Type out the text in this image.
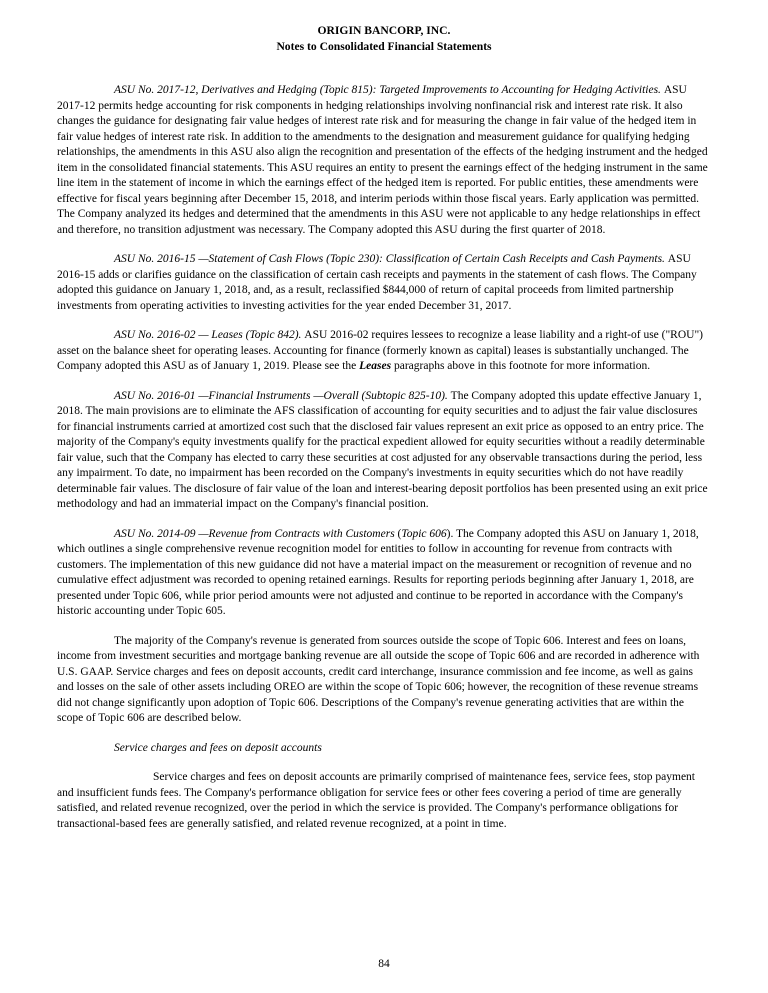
ORIGIN BANCORP, INC.
Notes to Consolidated Financial Statements

ASU No. 2017-12, Derivatives and Hedging (Topic 815): Targeted Improvements to Accounting for Hedging Activities. ASU 2017-12 permits hedge accounting for risk components in hedging relationships involving nonfinancial risk and interest rate risk. It also changes the guidance for designating fair value hedges of interest rate risk and for measuring the change in fair value of the hedged item in fair value hedges of interest rate risk. In addition to the amendments to the designation and measurement guidance for qualifying hedging relationships, the amendments in this ASU also align the recognition and presentation of the effects of the hedging instrument and the hedged item in the consolidated financial statements. This ASU requires an entity to present the earnings effect of the hedging instrument in the same line item in the statement of income in which the earnings effect of the hedged item is reported. For public entities, these amendments were effective for fiscal years beginning after December 15, 2018, and interim periods within those fiscal years. Early application was permitted. The Company analyzed its hedges and determined that the amendments in this ASU were not applicable to any hedge relationships in effect and therefore, no transition adjustment was necessary. The Company adopted this ASU during the first quarter of 2018.

ASU No. 2016-15 —Statement of Cash Flows (Topic 230): Classification of Certain Cash Receipts and Cash Payments. ASU 2016-15 adds or clarifies guidance on the classification of certain cash receipts and payments in the statement of cash flows. The Company adopted this guidance on January 1, 2018, and, as a result, reclassified $844,000 of return of capital proceeds from limited partnership investments from operating activities to investing activities for the year ended December 31, 2017.

ASU No. 2016-02 — Leases (Topic 842). ASU 2016-02 requires lessees to recognize a lease liability and a right-of use ("ROU") asset on the balance sheet for operating leases. Accounting for finance (formerly known as capital) leases is substantially unchanged. The Company adopted this ASU as of January 1, 2019. Please see the Leases paragraphs above in this footnote for more information.

ASU No. 2016-01 —Financial Instruments —Overall (Subtopic 825-10). The Company adopted this update effective January 1, 2018. The main provisions are to eliminate the AFS classification of accounting for equity securities and to adjust the fair value disclosures for financial instruments carried at amortized cost such that the disclosed fair values represent an exit price as opposed to an entry price. The majority of the Company's equity investments qualify for the practical expedient allowed for equity securities without a readily determinable fair value, such that the Company has elected to carry these securities at cost adjusted for any observable transactions during the period, less any impairment. To date, no impairment has been recorded on the Company's investments in equity securities which do not have readily determinable fair values. The disclosure of fair value of the loan and interest-bearing deposit portfolios has been presented using an exit price methodology and had an immaterial impact on the Company's financial position.

ASU No. 2014-09 —Revenue from Contracts with Customers (Topic 606). The Company adopted this ASU on January 1, 2018, which outlines a single comprehensive revenue recognition model for entities to follow in accounting for revenue from contracts with customers. The implementation of this new guidance did not have a material impact on the measurement or recognition of revenue and no cumulative effect adjustment was recorded to opening retained earnings. Results for reporting periods beginning after January 1, 2018, are presented under Topic 606, while prior period amounts were not adjusted and continue to be reported in accordance with the Company's historic accounting under Topic 605.

The majority of the Company's revenue is generated from sources outside the scope of Topic 606. Interest and fees on loans, income from investment securities and mortgage banking revenue are all outside the scope of Topic 606 and are recorded in adherence with U.S. GAAP. Service charges and fees on deposit accounts, credit card interchange, insurance commission and fee income, as well as gains and losses on the sale of other assets including OREO are within the scope of Topic 606; however, the recognition of these revenue streams did not change significantly upon adoption of Topic 606. Descriptions of the Company's revenue generating activities that are within the scope of Topic 606 are described below.

Service charges and fees on deposit accounts

Service charges and fees on deposit accounts are primarily comprised of maintenance fees, service fees, stop payment and insufficient funds fees. The Company's performance obligation for service fees or other fees covering a period of time are generally satisfied, and related revenue recognized, over the period in which the service is provided. The Company's performance obligations for transactional-based fees are generally satisfied, and related revenue recognized, at a point in time.

84
